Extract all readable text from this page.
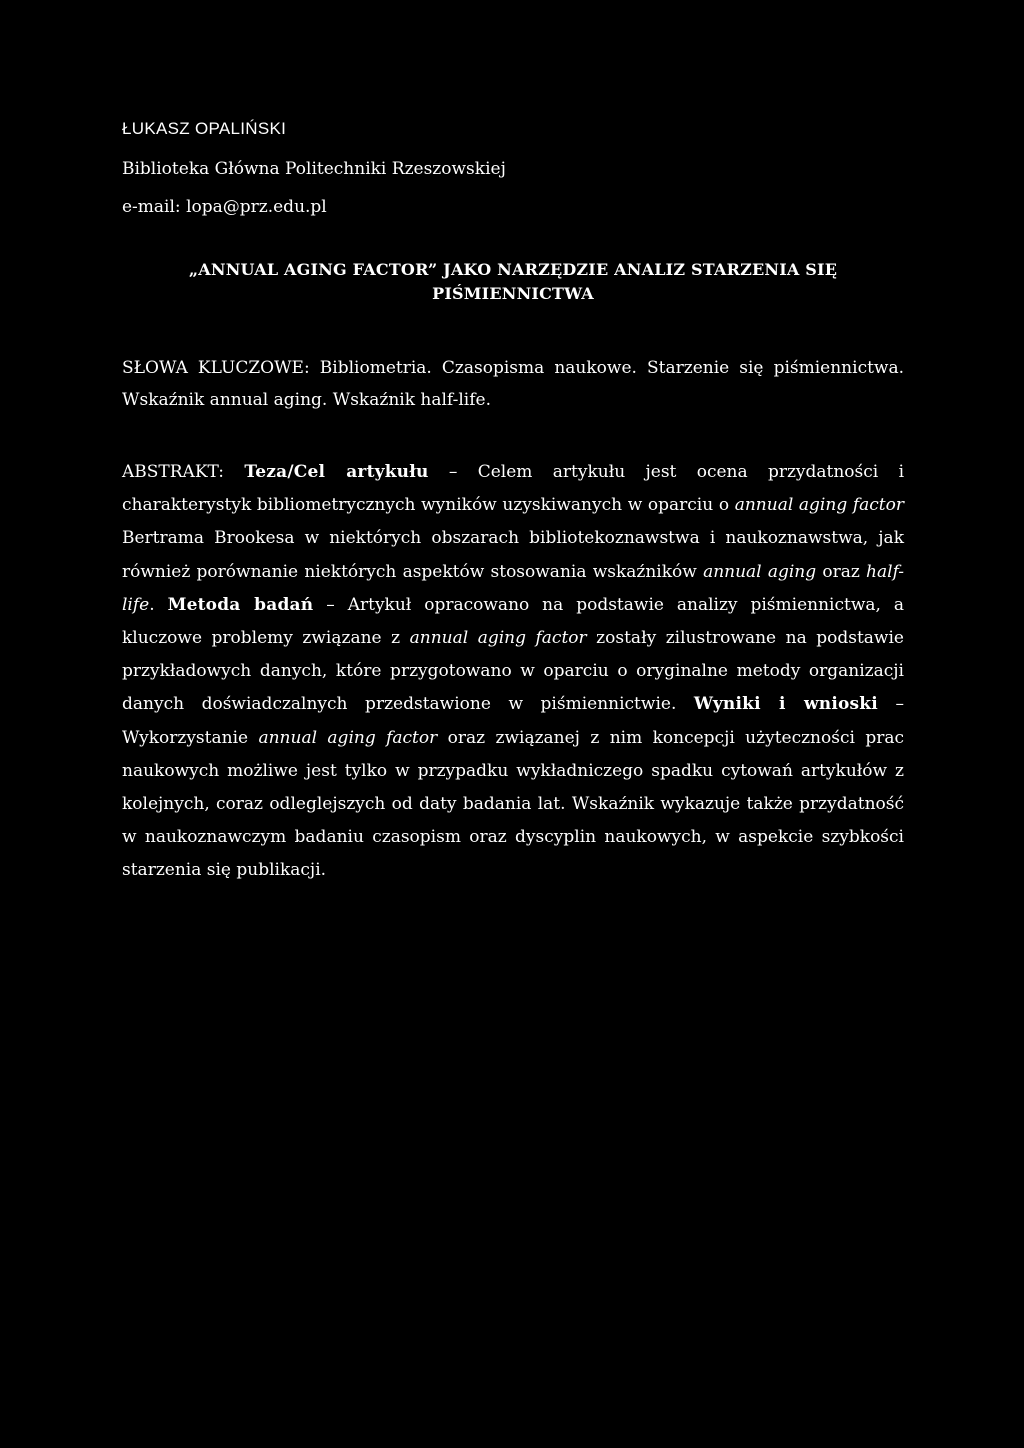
ŁUKASZ OPALIŃSKI

Biblioteka Główna Politechniki Rzeszowskiej

e-mail: lopa@prz.edu.pl

„ANNUAL AGING FACTOR” JAKO NARZĘDZIE ANALIZ STARZENIA SIĘ PIŚMIENNICTWA

SŁOWA KLUCZOWE: Bibliometria. Czasopisma naukowe. Starzenie się piśmiennictwa. Wskaźnik annual aging. Wskaźnik half-life.

ABSTRAKT: Teza/Cel artykułu – Celem artykułu jest ocena przydatności i charakterystyk bibliometrycznych wyników uzyskiwanych w oparciu o annual aging factor Bertrama Brookesa w niektórych obszarach bibliotekoznawstwa i naukoznawstwa, jak również porównanie niektórych aspektów stosowania wskaźników annual aging oraz half-life. Metoda badań – Artykuł opracowano na podstawie analizy piśmiennictwa, a kluczowe problemy związane z annual aging factor zostały zilustrowane na podstawie przykładowych danych, które przygotowano w oparciu o oryginalne metody organizacji danych doświadczalnych przedstawione w piśmiennictwie. Wyniki i wnioski – Wykorzystanie annual aging factor oraz związanej z nim koncepcji użyteczności prac naukowych możliwe jest tylko w przypadku wykładniczego spadku cytowań artykułów z kolejnych, coraz odleglejszych od daty badania lat. Wskaźnik wykazuje także przydatność w naukoznawczym badaniu czasopism oraz dyscyplin naukowych, w aspekcie szybkości starzenia się publikacji.
